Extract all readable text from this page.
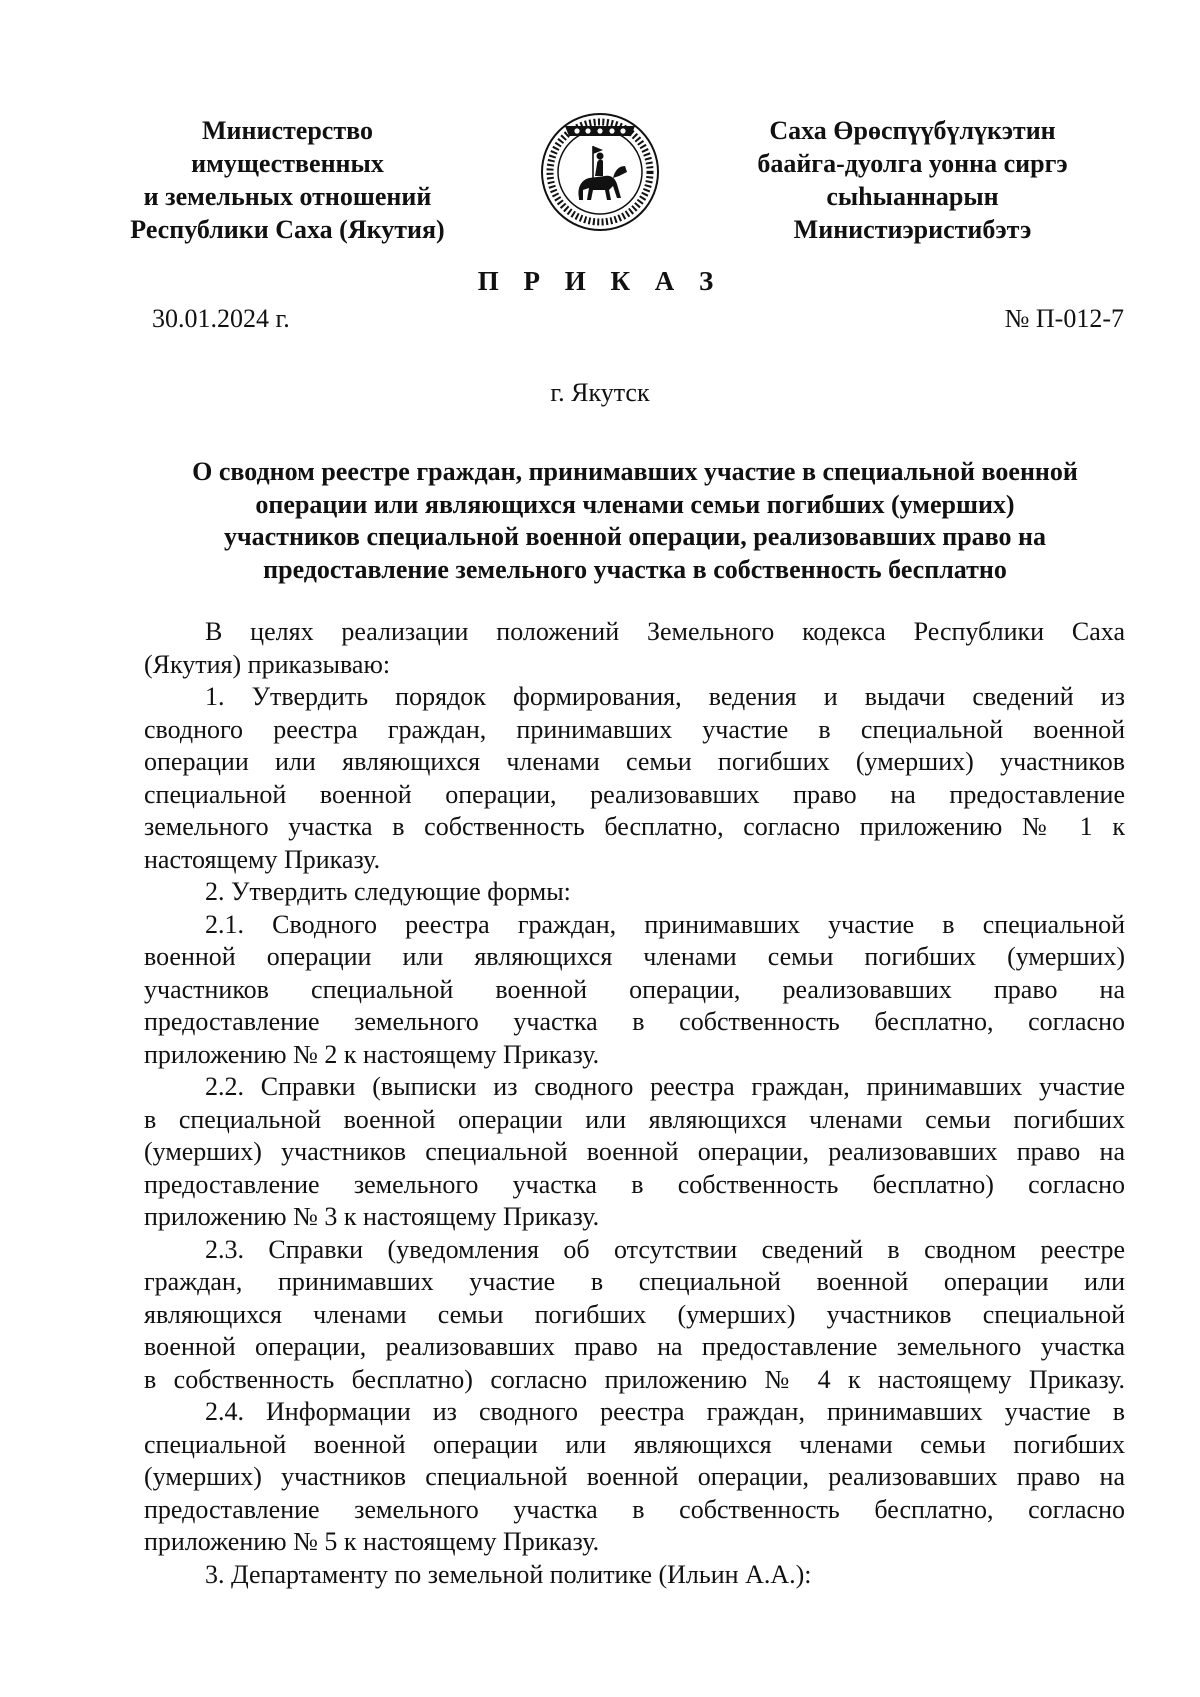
Министерство
имущественных
и земельных отношений
Республики Саха (Якутия)
Саха Өрөспүүбүлүкэтин
баайга-дуолга уонна сиргэ
сыһыаннарын
Министиэристибэтэ
П Р И К А З
30.01.2024 г.	№ П-012-7
г. Якутск
О сводном реестре граждан, принимавших участие в специальной военной
операции или являющихся членами семьи погибших (умерших)
участников специальной военной операции, реализовавших право на
предоставление земельного участка в собственность бесплатно
В целях реализации положений Земельного кодекса Республики Саха
(Якутия) приказываю:
1. Утвердить порядок формирования, ведения и выдачи сведений из
сводного реестра граждан, принимавших участие в специальной военной
операции или являющихся членами семьи погибших (умерших) участников
специальной военной операции, реализовавших право на предоставление
земельного участка в собственность бесплатно, согласно приложению № 1 к
настоящему Приказу.
2. Утвердить следующие формы:
2.1. Сводного реестра граждан, принимавших участие в специальной
военной операции или являющихся членами семьи погибших (умерших)
участников специальной военной операции, реализовавших право на
предоставление земельного участка в собственность бесплатно, согласно
приложению № 2 к настоящему Приказу.
2.2. Справки (выписки из сводного реестра граждан, принимавших участие
в специальной военной операции или являющихся членами семьи погибших
(умерших) участников специальной военной операции, реализовавших право на
предоставление земельного участка в собственность бесплатно) согласно
приложению № 3 к настоящему Приказу.
2.3. Справки (уведомления об отсутствии сведений в сводном реестре
граждан, принимавших участие в специальной военной операции или
являющихся членами семьи погибших (умерших) участников специальной
военной операции, реализовавших право на предоставление земельного участка
в собственность бесплатно) согласно приложению № 4 к настоящему Приказу.
2.4. Информации из сводного реестра граждан, принимавших участие в
специальной военной операции или являющихся членами семьи погибших
(умерших) участников специальной военной операции, реализовавших право на
предоставление земельного участка в собственность бесплатно, согласно
приложению № 5 к настоящему Приказу.
3. Департаменту по земельной политике (Ильин А.А.):
